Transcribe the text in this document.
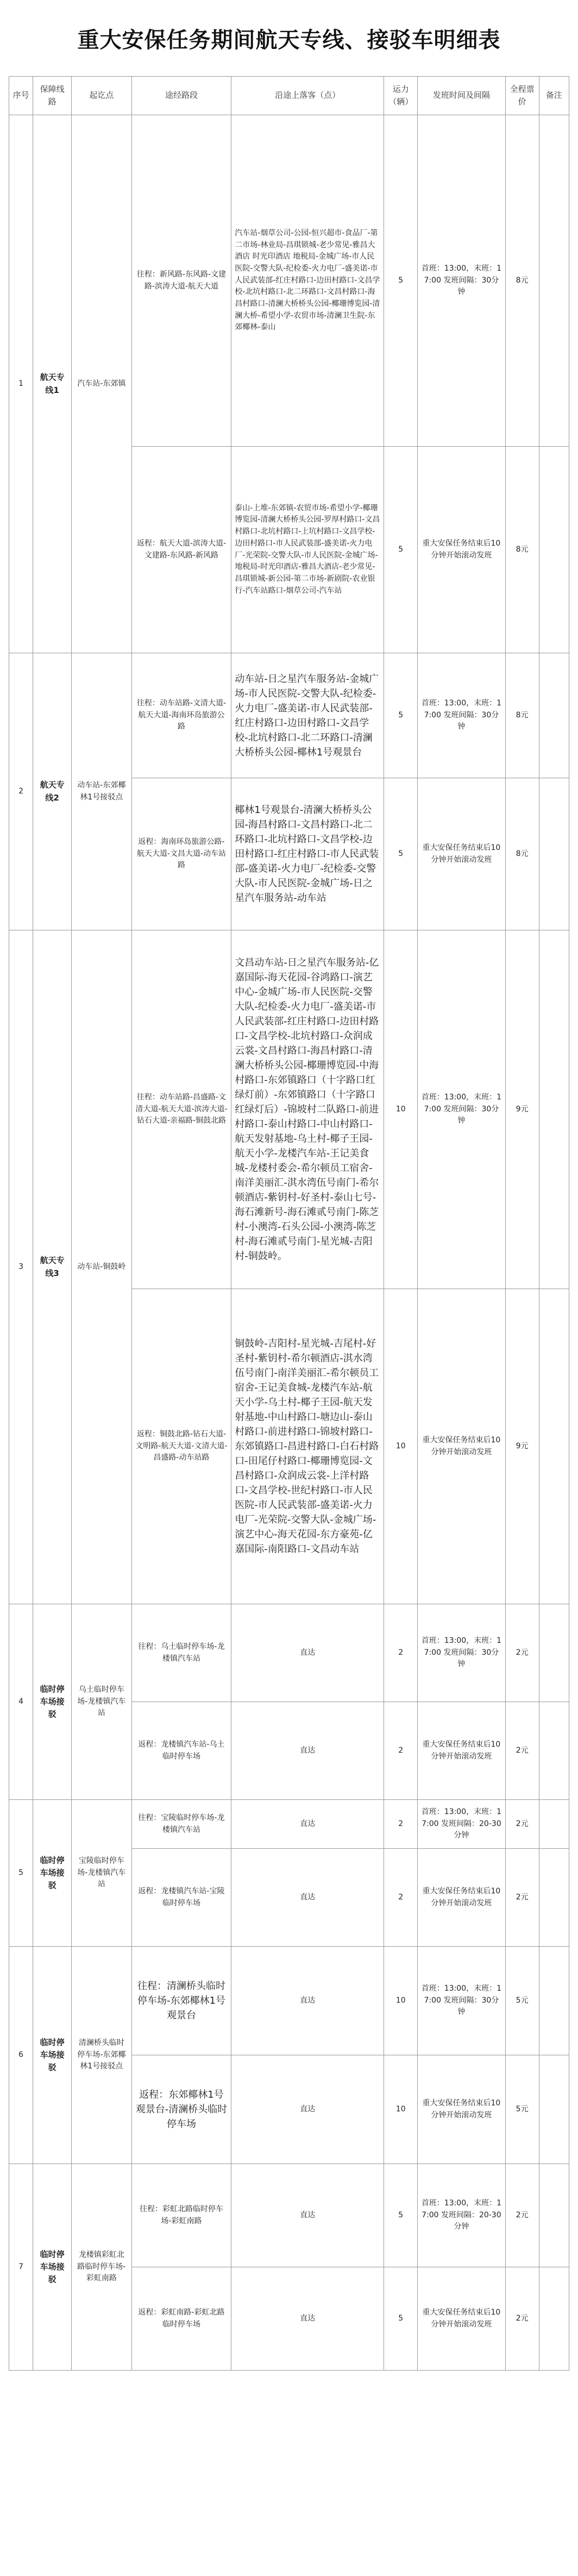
重大安保任务期间航天专线、接驳车明细表
序号	保障线路	起讫点	途经路段	沿途上落客（点）	运力（辆）	发班时间及间隔	全程票价	备注
1	航天专线1	汽车站-东郊镇	往程：新风路-东风路-文建路-滨涛大道-航天大道	汽车站-烟草公司-公园-恒兴超市-食品厂-第二市场-林业局-昌琪锁城-老少常见-雅昌大酒店 时光印酒店 地税局-金城广场-市人民医院-交警大队-纪检委-火力电厂-盛美诺-市人民武装部-红庄村路口-边田村路口-文昌学校-北坑村路口-北二环路口-文昌村路口-海昌村路口-清澜大桥桥头公园-椰珊博览园-清澜大桥-希望小学-农贸市场-清澜卫生院-东郊椰林-泰山	5	首班：13:00，末班：17:00 发班间隔：30分钟	8元	
			返程：航天大道-滨涛大道-文建路-东风路-新风路	泰山-上堆-东郊镇-农贸市场-希望小学-椰珊博览园-清澜大桥桥头公园-罗厚村路口-文昌村路口-北坑村路口-上坑村路口-文昌学校-边田村路口-市人民武装部-盛美诺-火力电厂-光荣院-交警大队-市人民医院-金城广场-地税局-时光印酒店-雅昌大酒店-老少常见-昌琪锁城-新公园-第二市场-新剧院-农业银行-汽车站路口-烟草公司-汽车站	5	重大安保任务结束后10分钟开始滚动发班	8元	
2	航天专线2	动车站-东郊椰林1号接驳点	往程：动车站路-文清大道-航天大道-海南环岛旅游公路	动车站-日之星汽车服务站-金城广场-市人民医院-交警大队-纪检委-火力电厂-盛美诺-市人民武装部-红庄村路口-边田村路口-文昌学校-北坑村路口-北二环路口-清澜大桥桥头公园-椰林1号观景台	5	首班：13:00，末班：17:00 发班间隔：30分钟	8元	
			返程：海南环岛旅游公路-航天大道-文昌大道-动车站路	椰林1号观景台-清澜大桥桥头公园-海昌村路口-文昌村路口-北二环路口-北坑村路口-文昌学校-边田村路口-红庄村路口-市人民武装部-盛美诺-火力电厂-纪检委-交警大队-市人民医院-金城广场-日之星汽车服务站-动车站	5	重大安保任务结束后10分钟开始滚动发班	8元	
3	航天专线3	动车站-铜鼓岭	往程：动车站路-昌盛路-文清大道-航天大道-滨涛大道-钻石大道-亲福路-铜鼓北路	文昌动车站-日之星汽车服务站-亿嘉国际-海天花园-谷鸿路口-演艺中心-金城广场-市人民医院-交警大队-纪检委-火力电厂-盛美诺-市人民武装部-红庄村路口-边田村路口-文昌学校-北坑村路口-众润成云裳-文昌村路口-海昌村路口-清澜大桥桥头公园-椰珊博览园-中海村路口-东郊镇路口（十字路口红绿灯前）-东郊镇路口（十字路口红绿灯后）-锦坡村二队路口-前进村路口-泰山村路口-中山村路口-航天发射基地-乌土村-椰子王园-航天小学-龙楼汽车站-王记美食城-龙楼村委会-希尔顿员工宿舍-南洋美丽汇-淇水湾伍号南门-希尔顿酒店-紫钥村-好圣村-泰山七号-海石滩新号-海石滩贰号南门-陈芝村-小澳湾-石头公园-小澳湾-陈芝村-海石滩贰号南门-星光城-吉阳村-铜鼓岭。	10	首班：13:00，末班：17:00 发班间隔：30分钟	9元	
			返程：铜鼓北路-钻石大道-文明路-航天大道-文清大道-昌盛路-动车站路	铜鼓岭-吉阳村-星光城-吉尾村-好圣村-紫钥村-希尔顿酒店-淇水湾伍号南门-南洋美丽汇-希尔顿员工宿舍-王记美食城-龙楼汽车站-航天小学-乌土村-椰子王园-航天发射基地-中山村路口-塘边山-泰山村路口-前进村路口-锦坡村路口-东郊镇路口-昌进村路口-白石村路口-田尾仔村路口-椰珊博览园-文昌村路口-众润成云裳-上洋村路口-文昌学校-世纪村路口-市人民医院-市人民武装部-盛美诺-火力电厂-光荣院-交警大队-金城广场-演艺中心-海天花园-东方豪苑-亿嘉国际-南阳路口-文昌动车站	10	重大安保任务结束后10分钟开始滚动发班	9元	
4	临时停车场接驳	乌土临时停车场-龙楼镇汽车站	往程：乌土临时停车场-龙楼镇汽车站	直达	2	首班：13:00，末班：17:00 发班间隔：30分钟	2元	
			返程：龙楼镇汽车站-乌土临时停车场	直达	2	重大安保任务结束后10分钟开始滚动发班	2元	
5	临时停车场接驳	宝陵临时停车场-龙楼镇汽车站	往程：宝陵临时停车场-龙楼镇汽车站	直达	2	首班：13:00，末班：17:00 发班间隔：20-30分钟	2元	
			返程：龙楼镇汽车站-宝陵临时停车场	直达	2	重大安保任务结束后10分钟开始滚动发班	2元	
6	临时停车场接驳	清澜桥头临时停车场-东郊椰林1号接驳点	往程：清澜桥头临时停车场-东郊椰林1号观景台	直达	10	首班：13:00，末班：17:00 发班间隔：30分钟	5元	
			返程：东郊椰林1号观景台-清澜桥头临时停车场	直达	10	重大安保任务结束后10分钟开始滚动发班	5元	
7	临时停车场接驳	龙楼镇彩虹北路临时停车场-彩虹南路	往程：彩虹北路临时停车场-彩虹南路	直达	5	首班：13:00，末班：17:00 发班间隔：20-30分钟	2元	
			返程：彩虹南路-彩虹北路临时停车场	直达	5	重大安保任务结束后10分钟开始滚动发班	2元	
